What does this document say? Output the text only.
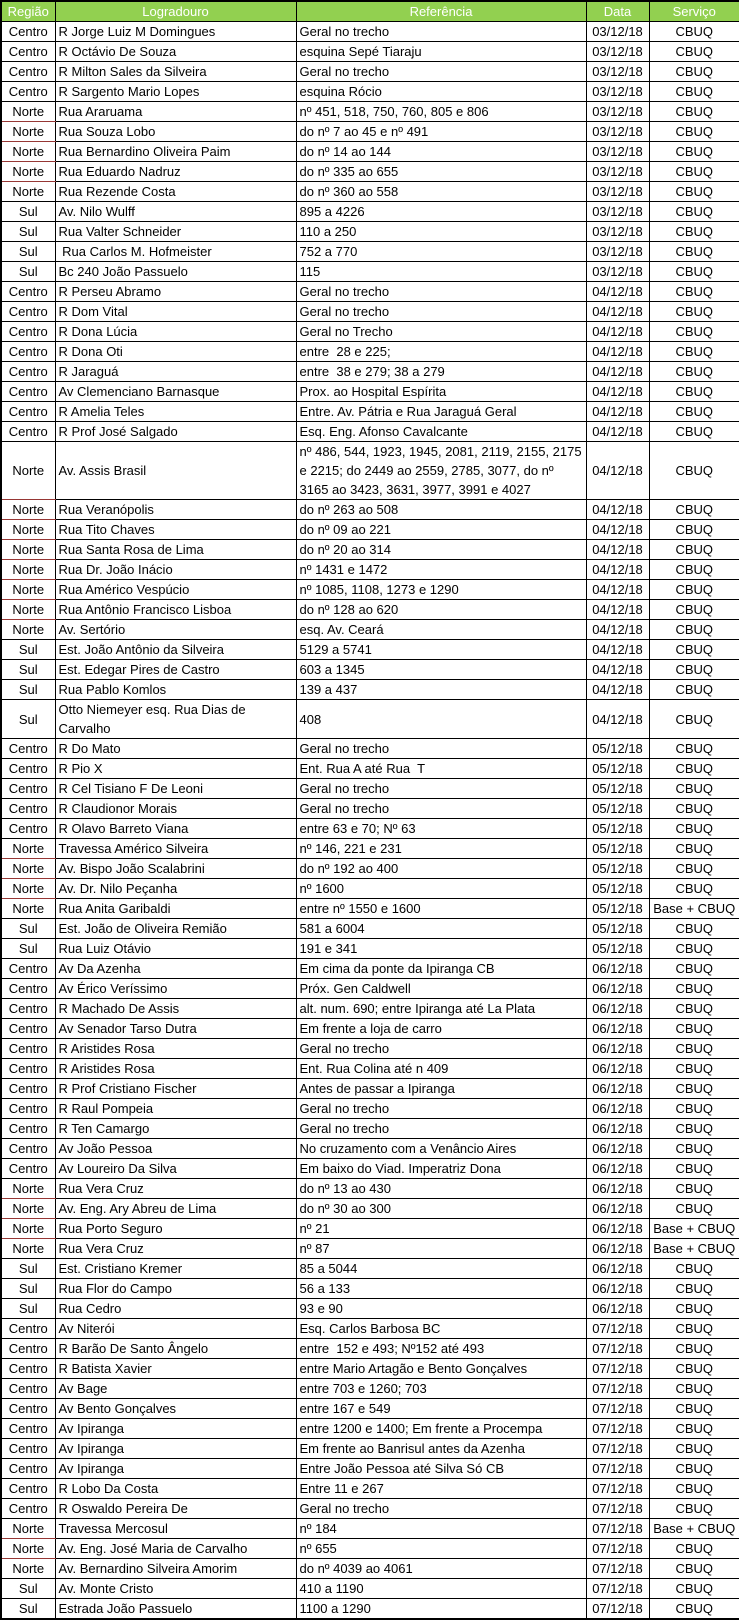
Região	Logradouro	Referência	Data	Serviço
Centro	R Jorge Luiz M Domingues	Geral no trecho	03/12/18	CBUQ
Centro	R Octávio De Souza	esquina Sepé Tiaraju	03/12/18	CBUQ
Centro	R Milton Sales da Silveira	Geral no trecho	03/12/18	CBUQ
Centro	R Sargento Mario Lopes	esquina Rócio	03/12/18	CBUQ
Norte	Rua Araruama	nº 451, 518, 750, 760, 805 e 806	03/12/18	CBUQ
Norte	Rua Souza Lobo	do nº 7 ao 45 e nº 491	03/12/18	CBUQ
Norte	Rua Bernardino Oliveira Paim	do nº 14 ao 144	03/12/18	CBUQ
Norte	Rua Eduardo Nadruz	do nº 335 ao 655	03/12/18	CBUQ
Norte	Rua Rezende Costa	do nº 360 ao 558	03/12/18	CBUQ
Sul	Av. Nilo Wulff	895 a 4226	03/12/18	CBUQ
Sul	Rua Valter Schneider	110 a 250	03/12/18	CBUQ
Sul	Rua Carlos M. Hofmeister	752 a 770	03/12/18	CBUQ
Sul	Bc 240 João Passuelo	115	03/12/18	CBUQ
Centro	R Perseu Abramo	Geral no trecho	04/12/18	CBUQ
Centro	R Dom Vital	Geral no trecho	04/12/18	CBUQ
Centro	R Dona Lúcia	Geral no Trecho	04/12/18	CBUQ
Centro	R Dona Oti	entre  28 e 225;	04/12/18	CBUQ
Centro	R Jaraguá	entre  38 e 279; 38 a 279	04/12/18	CBUQ
Centro	Av Clemenciano Barnasque	Prox. ao Hospital Espírita	04/12/18	CBUQ
Centro	R Amelia Teles	Entre. Av. Pátria e Rua Jaraguá Geral	04/12/18	CBUQ
Centro	R Prof José Salgado	Esq. Eng. Afonso Cavalcante	04/12/18	CBUQ
Norte	Av. Assis Brasil	nº 486, 544, 1923, 1945, 2081, 2119, 2155, 2175 e 2215; do 2449 ao 2559, 2785, 3077, do nº 3165 ao 3423, 3631, 3977, 3991 e 4027	04/12/18	CBUQ
Norte	Rua Veranópolis	do nº 263 ao 508	04/12/18	CBUQ
Norte	Rua Tito Chaves	do nº 09 ao 221	04/12/18	CBUQ
Norte	Rua Santa Rosa de Lima	do nº 20 ao 314	04/12/18	CBUQ
Norte	Rua Dr. João Inácio	nº 1431 e 1472	04/12/18	CBUQ
Norte	Rua Américo Vespúcio	nº 1085, 1108, 1273 e 1290	04/12/18	CBUQ
Norte	Rua Antônio Francisco Lisboa	do nº 128 ao 620	04/12/18	CBUQ
Norte	Av. Sertório	esq. Av. Ceará	04/12/18	CBUQ
Sul	Est. João Antônio da Silveira	5129 a 5741	04/12/18	CBUQ
Sul	Est. Edegar Pires de Castro	603 a 1345	04/12/18	CBUQ
Sul	Rua Pablo Komlos	139 a 437	04/12/18	CBUQ
Sul	Otto Niemeyer esq. Rua Dias de Carvalho	408	04/12/18	CBUQ
Centro	R Do Mato	Geral no trecho	05/12/18	CBUQ
Centro	R Pio X	Ent. Rua A até Rua  T	05/12/18	CBUQ
Centro	R Cel Tisiano F De Leoni	Geral no trecho	05/12/18	CBUQ
Centro	R Claudionor Morais	Geral no trecho	05/12/18	CBUQ
Centro	R Olavo Barreto Viana	entre 63 e 70; Nº 63	05/12/18	CBUQ
Norte	Travessa Américo Silveira	nº 146, 221 e 231	05/12/18	CBUQ
Norte	Av. Bispo João Scalabrini	do nº 192 ao 400	05/12/18	CBUQ
Norte	Av. Dr. Nilo Peçanha	nº 1600	05/12/18	CBUQ
Norte	Rua Anita Garibaldi	entre nº 1550 e 1600	05/12/18	Base + CBUQ
Sul	Est. João de Oliveira Remião	581 a 6004	05/12/18	CBUQ
Sul	Rua Luiz Otávio	191 e 341	05/12/18	CBUQ
Centro	Av Da Azenha	Em cima da ponte da Ipiranga CB	06/12/18	CBUQ
Centro	Av Érico Veríssimo	Próx. Gen Caldwell	06/12/18	CBUQ
Centro	R Machado De Assis	alt. num. 690; entre Ipiranga até La Plata	06/12/18	CBUQ
Centro	Av Senador Tarso Dutra	Em frente a loja de carro	06/12/18	CBUQ
Centro	R Aristides Rosa	Geral no trecho	06/12/18	CBUQ
Centro	R Aristides Rosa	Ent. Rua Colina até n 409	06/12/18	CBUQ
Centro	R Prof Cristiano Fischer	Antes de passar a Ipiranga	06/12/18	CBUQ
Centro	R Raul Pompeia	Geral no trecho	06/12/18	CBUQ
Centro	R Ten Camargo	Geral no trecho	06/12/18	CBUQ
Centro	Av João Pessoa	No cruzamento com a Venâncio Aires	06/12/18	CBUQ
Centro	Av Loureiro Da Silva	Em baixo do Viad. Imperatriz Dona	06/12/18	CBUQ
Norte	Rua Vera Cruz	do nº 13 ao 430	06/12/18	CBUQ
Norte	Av. Eng. Ary Abreu de Lima	do nº 30 ao 300	06/12/18	CBUQ
Norte	Rua Porto Seguro	nº 21	06/12/18	Base + CBUQ
Norte	Rua Vera Cruz	nº 87	06/12/18	Base + CBUQ
Sul	Est. Cristiano Kremer	85 a 5044	06/12/18	CBUQ
Sul	Rua Flor do Campo	56 a 133	06/12/18	CBUQ
Sul	Rua Cedro	93 e 90	06/12/18	CBUQ
Centro	Av Niterói	Esq. Carlos Barbosa BC	07/12/18	CBUQ
Centro	R Barão De Santo Ângelo	entre  152 e 493; Nº152 até 493	07/12/18	CBUQ
Centro	R Batista Xavier	entre Mario Artagão e Bento Gonçalves	07/12/18	CBUQ
Centro	Av Bage	entre 703 e 1260; 703	07/12/18	CBUQ
Centro	Av Bento Gonçalves	entre 167 e 549	07/12/18	CBUQ
Centro	Av Ipiranga	entre 1200 e 1400; Em frente a Procempa	07/12/18	CBUQ
Centro	Av Ipiranga	Em frente ao Banrisul antes da Azenha	07/12/18	CBUQ
Centro	Av Ipiranga	Entre João Pessoa até Silva Só CB	07/12/18	CBUQ
Centro	R Lobo Da Costa	Entre 11 e 267	07/12/18	CBUQ
Centro	R Oswaldo Pereira De	Geral no trecho	07/12/18	CBUQ
Norte	Travessa Mercosul	nº 184	07/12/18	Base + CBUQ
Norte	Av. Eng. José Maria de Carvalho	nº 655	07/12/18	CBUQ
Norte	Av. Bernardino Silveira Amorim	do nº 4039 ao 4061	07/12/18	CBUQ
Sul	Av. Monte Cristo	410 a 1190	07/12/18	CBUQ
Sul	Estrada João Passuelo	1100 a 1290	07/12/18	CBUQ
